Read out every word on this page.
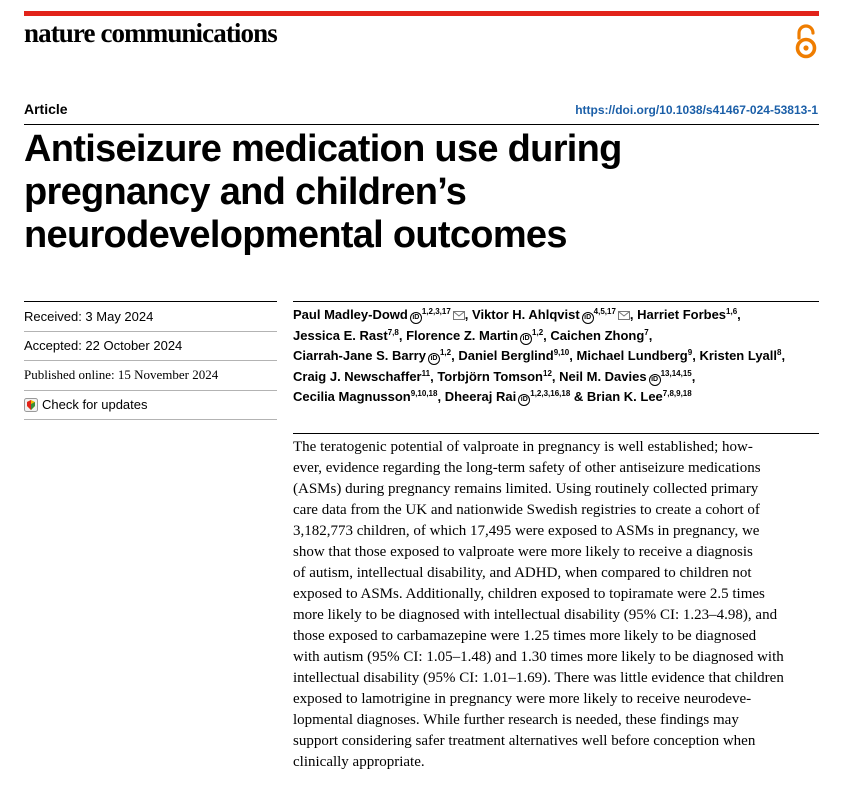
nature communications
Article	https://doi.org/10.1038/s41467-024-53813-1
Antiseizure medication use during
pregnancy and children’s
neurodevelopmental outcomes
Received: 3 May 2024
Accepted: 22 October 2024
Published online: 15 November 2024
Check for updates
Paul Madley-Dowd iD$^{1,2,3,17}$ , Viktor H. Ahlqvist iD$^{4,5,17}$ , Harriet Forbes$^{1,6}$,
Jessica E. Rast$^{7,8}$, Florence Z. Martin iD$^{1,2}$, Caichen Zhong$^7$,
Ciarrah-Jane S. Barry iD$^{1,2}$, Daniel Berglind$^{9,10}$, Michael Lundberg$^9$, Kristen Lyall$^8$,
Craig J. Newschaffer$^{11}$, Torbjörn Tomson$^{12}$, Neil M. Davies iD$^{13,14,15}$,
Cecilia Magnusson$^{9,10,18}$, Dheeraj Rai iD$^{1,2,3,16,18}$ & Brian K. Lee$^{7,8,9,18}$
The teratogenic potential of valproate in pregnancy is well established; how-
ever, evidence regarding the long-term safety of other antiseizure medications
(ASMs) during pregnancy remains limited. Using routinely collected primary
care data from the UK and nationwide Swedish registries to create a cohort of
3,182,773 children, of which 17,495 were exposed to ASMs in pregnancy, we
show that those exposed to valproate were more likely to receive a diagnosis
of autism, intellectual disability, and ADHD, when compared to children not
exposed to ASMs. Additionally, children exposed to topiramate were 2.5 times
more likely to be diagnosed with intellectual disability (95% CI: 1.23–4.98), and
those exposed to carbamazepine were 1.25 times more likely to be diagnosed
with autism (95% CI: 1.05–1.48) and 1.30 times more likely to be diagnosed with
intellectual disability (95% CI: 1.01–1.69). There was little evidence that children
exposed to lamotrigine in pregnancy were more likely to receive neurodeve-
lopmental diagnoses. While further research is needed, these findings may
support considering safer treatment alternatives well before conception when
clinically appropriate.
